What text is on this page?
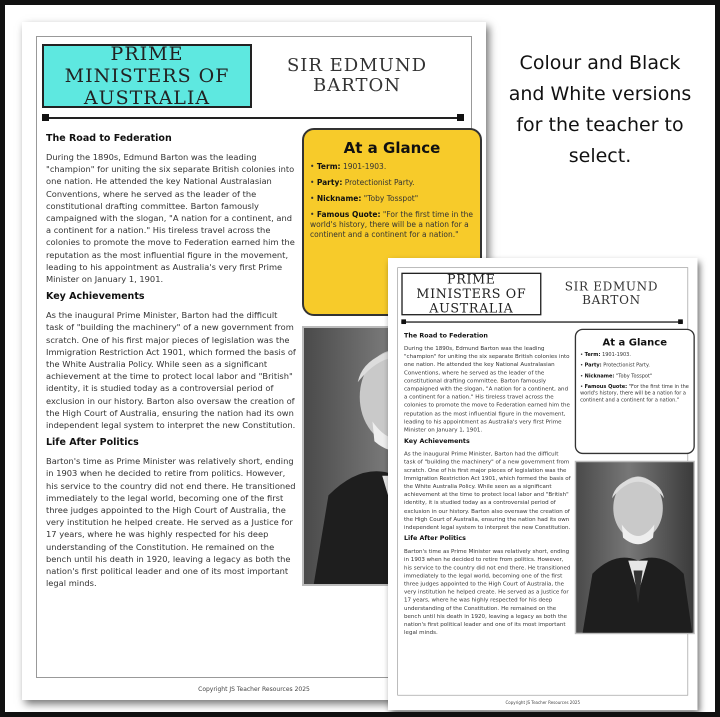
Colour and Black and White versions for the teacher to select.
PRIME MINISTERS OF AUSTRALIA
SIR EDMUND BARTON
The Road to Federation

During the 1890s, Edmund Barton was the leading "champion" for uniting the six separate British colonies into one nation. He attended the key National Australasian Conventions, where he served as the leader of the constitutional drafting committee. Barton famously campaigned with the slogan, "A nation for a continent, and a continent for a nation." His tireless travel across the colonies to promote the move to Federation earned him the reputation as the most influential figure in the movement, leading to his appointment as Australia's very first Prime Minister on January 1, 1901.

Key Achievements

As the inaugural Prime Minister, Barton had the difficult task of "building the machinery" of a new government from scratch. One of his first major pieces of legislation was the Immigration Restriction Act 1901, which formed the basis of the White Australia Policy. While seen as a significant achievement at the time to protect local labor and "British" identity, it is studied today as a controversial period of exclusion in our history. Barton also oversaw the creation of the High Court of Australia, ensuring the nation had its own independent legal system to interpret the new Constitution.

Life After Politics

Barton's time as Prime Minister was relatively short, ending in 1903 when he decided to retire from politics. However, his service to the country did not end there. He transitioned immediately to the legal world, becoming one of the first three judges appointed to the High Court of Australia, the very institution he helped create. He served as a Justice for 17 years, where he was highly respected for his deep understanding of the Constitution. He remained on the bench until his death in 1920, leaving a legacy as both the nation's first political leader and one of its most important legal minds.

At a Glance
• Term: 1901-1903.
• Party: Protectionist Party.
• Nickname: "Toby Tosspot"
• Famous Quote: "For the first time in the world's history, there will be a nation for a continent and a continent for a nation."
Copyright JS Teacher Resources 2025
PRIME MINISTERS OF AUSTRALIA
SIR EDMUND BARTON
The Road to Federation

During the 1890s, Edmund Barton was the leading "champion" for uniting the six separate British colonies into one nation. He attended the key National Australasian Conventions, where he served as the leader of the constitutional drafting committee. Barton famously campaigned with the slogan, "A nation for a continent, and a continent for a nation." His tireless travel across the colonies to promote the move to Federation earned him the reputation as the most influential figure in the movement, leading to his appointment as Australia's very first Prime Minister on January 1, 1901.

Key Achievements

As the inaugural Prime Minister, Barton had the difficult task of "building the machinery" of a new government from scratch. One of his first major pieces of legislation was the Immigration Restriction Act 1901, which formed the basis of the White Australia Policy. While seen as a significant achievement at the time to protect local labor and "British" identity, it is studied today as a controversial period of exclusion in our history. Barton also oversaw the creation of the High Court of Australia, ensuring the nation had its own independent legal system to interpret the new Constitution.

Life After Politics

Barton's time as Prime Minister was relatively short, ending in 1903 when he decided to retire from politics. However, his service to the country did not end there. He transitioned immediately to the legal world, becoming one of the first three judges appointed to the High Court of Australia, the very institution he helped create. He served as a Justice for 17 years, where he was highly respected for his deep understanding of the Constitution. He remained on the bench until his death in 1920, leaving a legacy as both the nation's first political leader and one of its most important legal minds.

At a Glance
• Term: 1901-1903.
• Party: Protectionist Party.
• Nickname: "Toby Tosspot"
• Famous Quote: "For the first time in the world's history, there will be a nation for a continent and a continent for a nation."
Copyright JS Teacher Resources 2025
